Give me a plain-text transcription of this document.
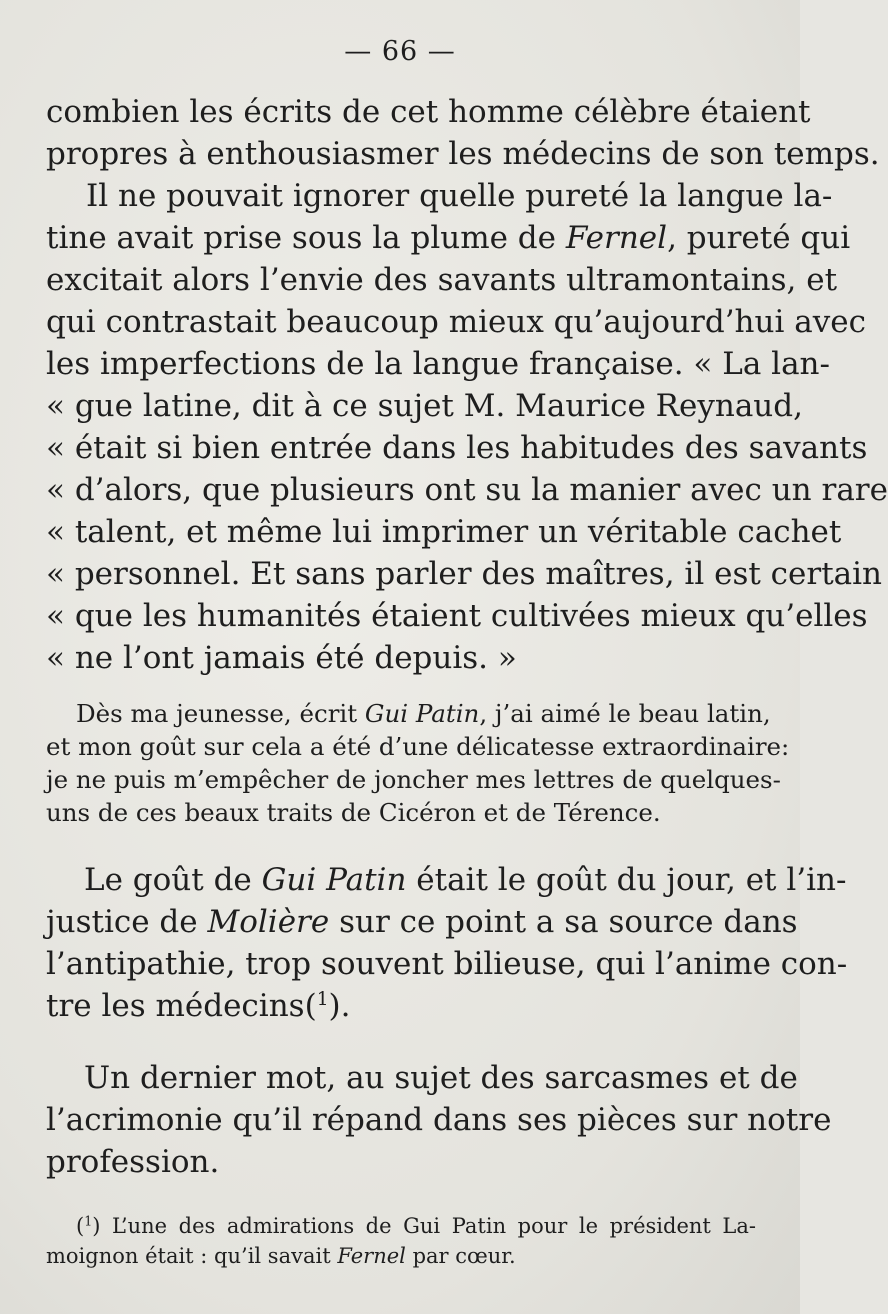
— 66 —
combien les écrits de cet homme célèbre étaient
propres à enthousiasmer les médecins de son temps.
Il ne pouvait ignorer quelle pureté la langue la-
tine avait prise sous la plume de Fernel, pureté qui
excitait alors l’envie des savants ultramontains, et
qui contrastait beaucoup mieux qu’aujourd’hui avec
les imperfections de la langue française. « La lan-
« gue latine, dit à ce sujet M. Maurice Reynaud,
« était si bien entrée dans les habitudes des savants
« d’alors, que plusieurs ont su la manier avec un rare
« talent, et même lui imprimer un véritable cachet
« personnel. Et sans parler des maîtres, il est certain
« que les humanités étaient cultivées mieux qu’elles
« ne l’ont jamais été depuis. »
Dès ma jeunesse, écrit Gui Patin, j’ai aimé le beau latin,
et mon goût sur cela a été d’une délicatesse extraordinaire:
je ne puis m’empêcher de joncher mes lettres de quelques-
uns de ces beaux traits de Cicéron et de Térence.
Le goût de Gui Patin était le goût du jour, et l’in-
justice de Molière sur ce point a sa source dans
l’antipathie, trop souvent bilieuse, qui l’anime con-
tre les médecins($^1$).
Un dernier mot, au sujet des sarcasmes et de
l’acrimonie qu’il répand dans ses pièces sur notre
profession.
($^1$) L’une des admirations de Gui Patin pour le président La-
moignon était : qu’il savait Fernel par cœur.
